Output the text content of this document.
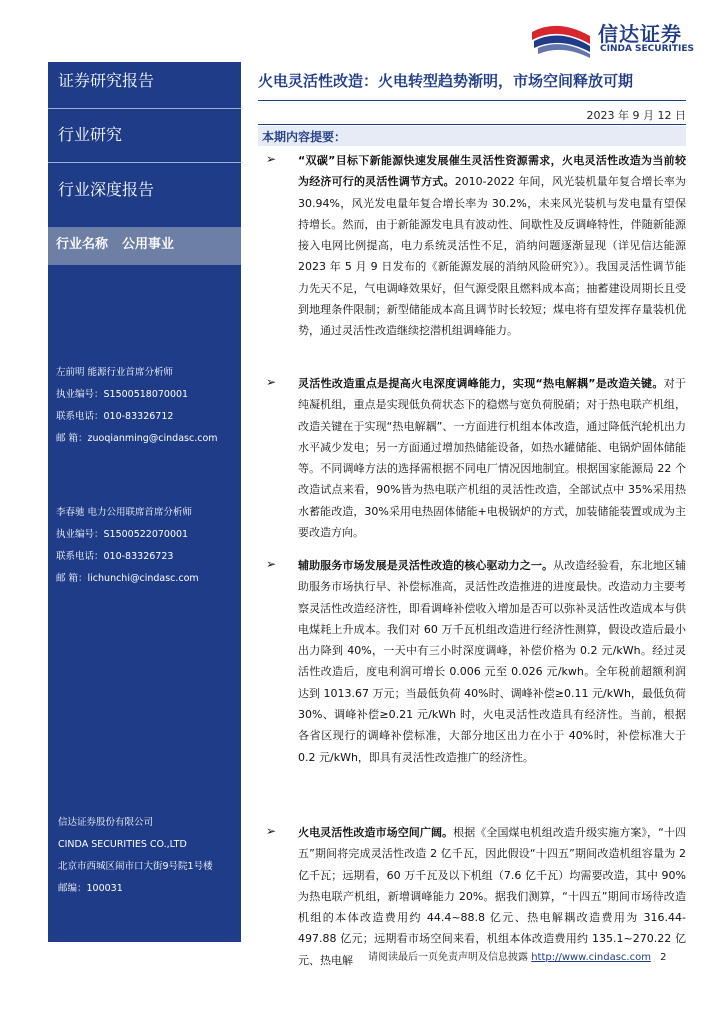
信达证券
CINDA SECURITIES
证券研究报告
行业研究
行业深度报告
行业名称 公用事业
左前明 能源行业首席分析师
执业编号：S1500518070001
联系电话：010-83326712
邮 箱：zuoqianming@cindasc.com
李春驰 电力公用联席首席分析师
执业编号：S1500522070001
联系电话：010-83326723
邮 箱：lichunchi@cindasc.com
信达证券股份有限公司
CINDA SECURITIES CO.,LTD
北京市西城区闹市口大街9号院1号楼
邮编：100031
火电灵活性改造：火电转型趋势渐明，市场空间释放可期
2023 年 9 月 12 日
本期内容提要：
➢ “双碳”目标下新能源快速发展催生灵活性资源需求，火电灵活性改造为当前较为经济可行的灵活性调节方式。2010-2022 年间，风光装机量年复合增长率为 30.94%，风光发电量年复合增长率为 30.2%，未来风光装机与发电量有望保持增长。然而，由于新能源发电具有波动性、间歇性及反调峰特性，伴随新能源接入电网比例提高，电力系统灵活性不足，消纳问题逐渐显现（详见信达能源 2023 年 5 月 9 日发布的《新能源发展的消纳风险研究》）。我国灵活性调节能力先天不足，气电调峰效果好，但气源受限且燃料成本高；抽蓄建设周期长且受到地理条件限制；新型储能成本高且调节时长较短；煤电将有望发挥存量装机优势，通过灵活性改造继续挖潜机组调峰能力。
➢ 灵活性改造重点是提高火电深度调峰能力，实现“热电解耦”是改造关键。对于纯凝机组，重点是实现低负荷状态下的稳燃与宽负荷脱硝；对于热电联产机组，改造关键在于实现“热电解耦”、一方面进行机组本体改造，通过降低汽轮机出力水平减少发电；另一方面通过增加热储能设备，如热水罐储能、电锅炉固体储能等。不同调峰方法的选择需根据不同电厂情况因地制宜。根据国家能源局 22 个改造试点来看，90%皆为热电联产机组的灵活性改造，全部试点中 35%采用热水蓄能改造，30%采用电热固体储能+电极锅炉的方式，加装储能装置或成为主要改造方向。
➢ 辅助服务市场发展是灵活性改造的核心驱动力之一。从改造经验看，东北地区辅助服务市场执行早、补偿标准高，灵活性改造推进的进度最快。改造动力主要考察灵活性改造经济性，即看调峰补偿收入增加是否可以弥补灵活性改造成本与供电煤耗上升成本。我们对 60 万千瓦机组改造进行经济性测算，假设改造后最小出力降到 40%，一天中有三小时深度调峰，补偿价格为 0.2 元/kWh。经过灵活性改造后，度电利润可增长 0.006 元至 0.026 元/kwh。全年税前超额利润达到 1013.67 万元；当最低负荷 40%时、调峰补偿≥0.11 元/kWh，最低负荷 30%、调峰补偿≥0.21 元/kWh 时，火电灵活性改造具有经济性。当前，根据各省区现行的调峰补偿标准，大部分地区出力在小于 40%时，补偿标准大于 0.2 元/kWh，即具有灵活性改造推广的经济性。
➢ 火电灵活性改造市场空间广阔。根据《全国煤电机组改造升级实施方案》，“十四五”期间将完成灵活性改造 2 亿千瓦，因此假设“十四五”期间改造机组容量为 2 亿千瓦；远期看，60 万千瓦及以下机组（7.6 亿千瓦）均需要改造，其中 90%为热电联产机组，新增调峰能力 20%。据我们测算，“十四五”期间市场待改造机组的本体改造费用约 44.4~88.8 亿元、热电解耦改造费用为 316.44-497.88 亿元；远期看市场空间来看，机组本体改造费用约 135.1~270.22 亿元、热电解	请阅读最后一页免责声明及信息披露 http://www.cindasc.com 2
